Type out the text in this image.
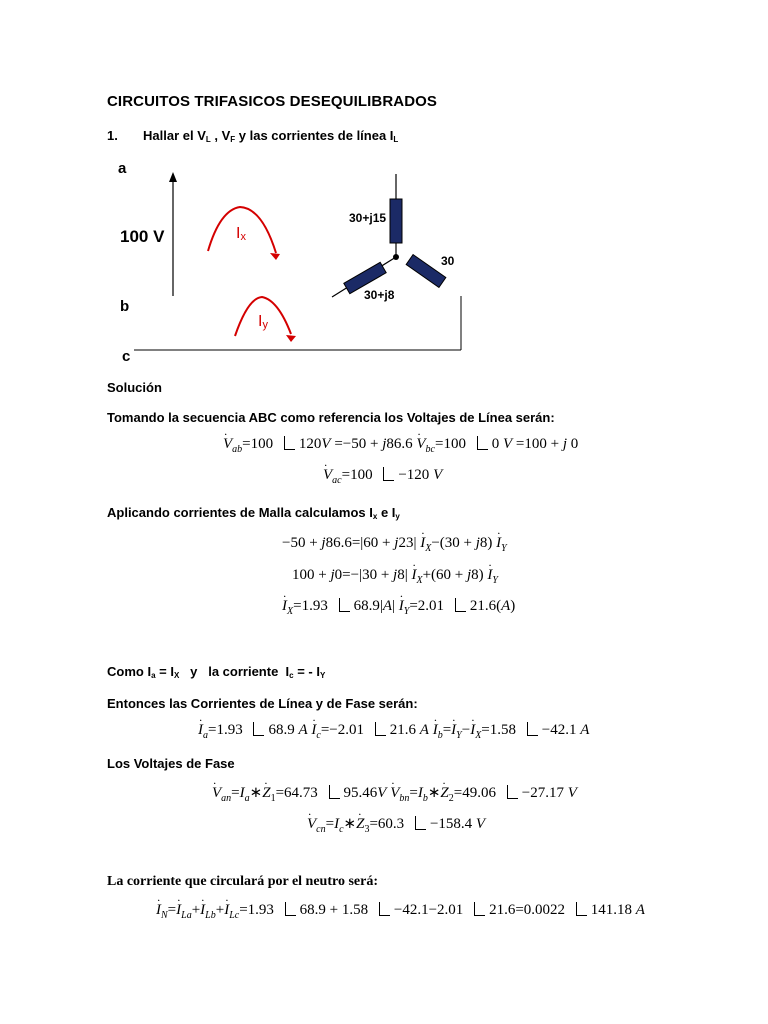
CIRCUITOS TRIFASICOS DESEQUILIBRADOS
1. Hallar el $V_L$ , $V_F$ y las corrientes de línea $I_L$
a
b
c
100 V	Ix
Iy
30+j15
30
30+j8
Solución
Tomando la secuencia ABC como referencia los Voltajes de Línea serán:
· $V_{ab}=100$ $120V =-50 + j86.6 \cdot V_{bc}=100$ 0 V =100 + j 0
· $V_{ac}=100 -120$ V
Aplicando corrientes de Malla calculamos $I_x$ e $I_y$
$-50 + j86.6=|60 + j23| \cdot I_X-(30 + j8) \cdot I_Y$
$100 + j0=-|30 + j8| \cdot I_X+(60 + j8) \cdot I_Y$
· $I_X=1.93$ $68.9|A| \cdot I_Y=2.01$ 21.6(A)
Como $I_a = I_X$   y   la corriente  $I_c$ = - $I_Y$
Entonces las Corrientes de Línea y de Fase serán:
· $I_a=1.93$ 68.9 $A \cdot I_c=-2.01$ 21.6 $A \cdot I_b=\cdot I_Y-\cdot I_X=1.58 -42.1$ A
Los Voltajes de Fase
· $V_{an}=I_a∗\cdot Z_1=64.73$ $95.46V \cdot V_{bn}=I_b∗\cdot Z_2=49.06 -27.17$ V
· $V_{cn}=I_c∗\cdot Z_3=60.3 -158.4$ V
La corriente que circulará por el neutro será:
· $I_N=\cdot I_{La}+\cdot I_{Lb}+\cdot I_{Lc}=1.93$ 68.9 + 1.58 −42.1−2.01 21.6=0.0022 141.18 A
